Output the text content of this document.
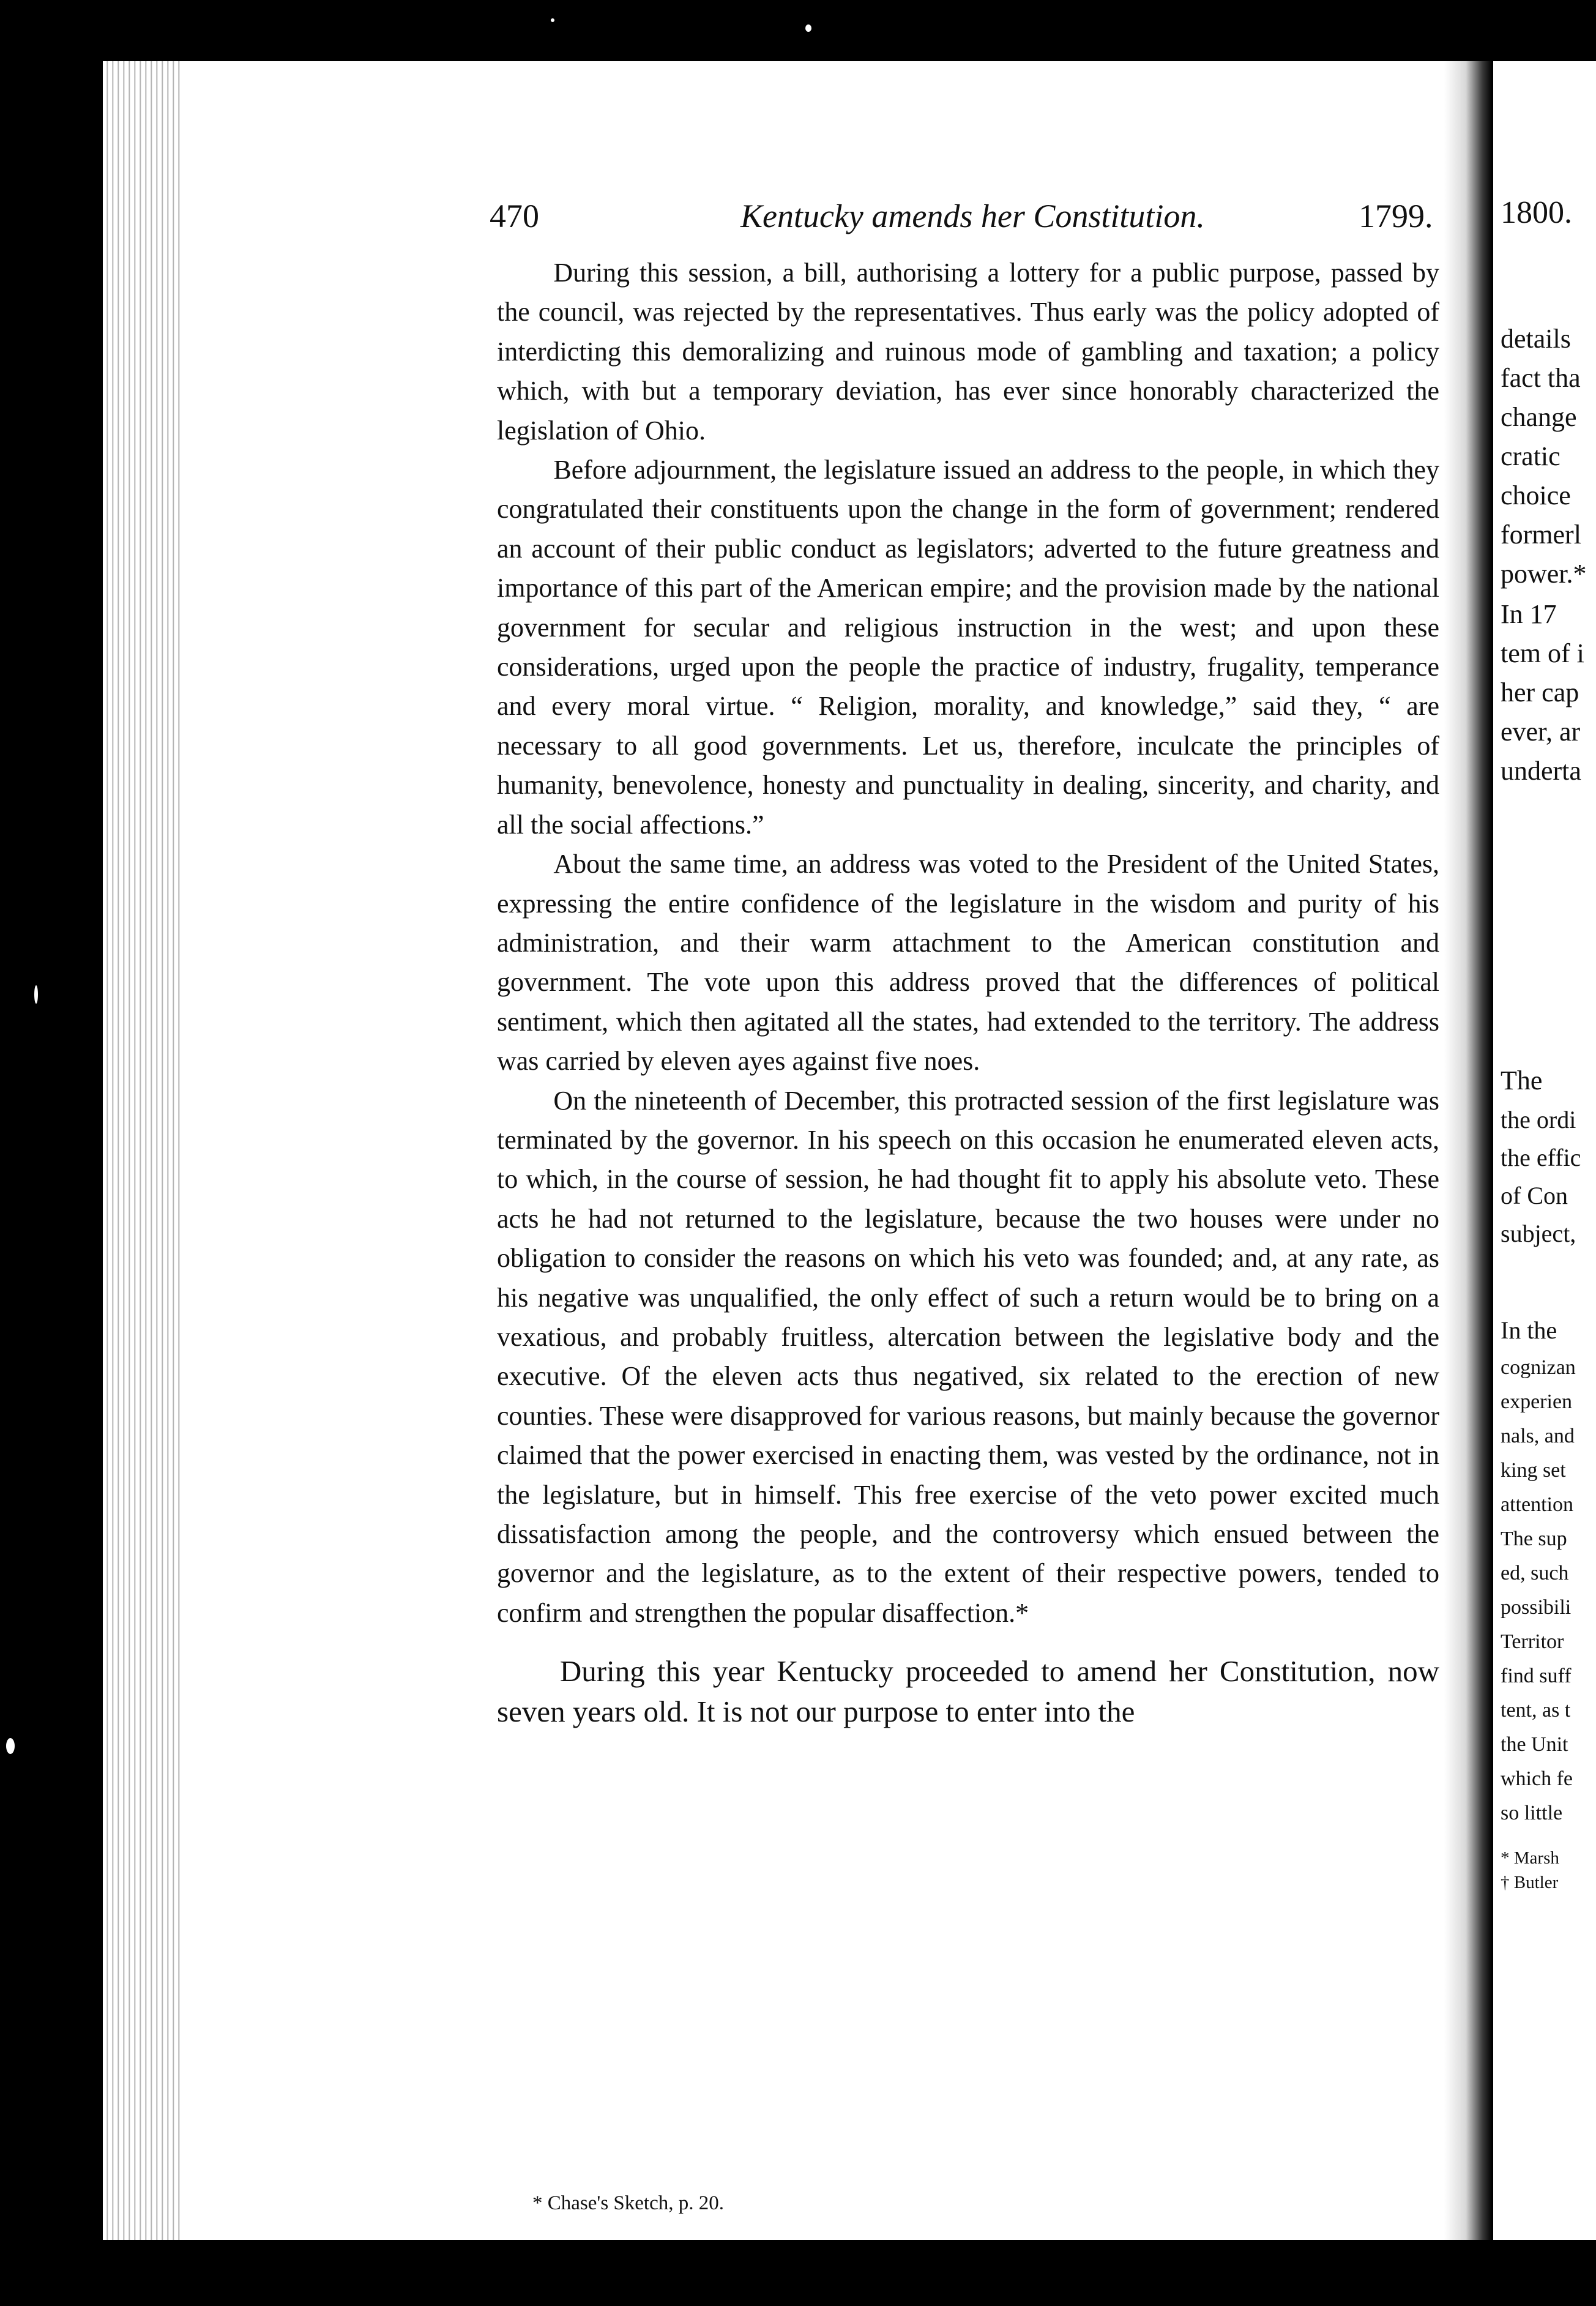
470	Kentucky amends her Constitution.	1799.

During this session, a bill, authorising a lottery for a public purpose, passed by the council, was rejected by the representatives. Thus early was the policy adopted of interdicting this demoralizing and ruinous mode of gambling and taxation; a policy which, with but a temporary deviation, has ever since honorably characterized the legislation of Ohio.

Before adjournment, the legislature issued an address to the people, in which they congratulated their constituents upon the change in the form of government; rendered an account of their public conduct as legislators; adverted to the future greatness and importance of this part of the American empire; and the provision made by the national government for secular and religious instruction in the west; and upon these considerations, urged upon the people the practice of industry, frugality, temperance and every moral virtue. “ Religion, morality, and knowledge,” said they, “ are necessary to all good governments. Let us, therefore, inculcate the principles of humanity, benevolence, honesty and punctuality in dealing, sincerity, and charity, and all the social affections.”

About the same time, an address was voted to the President of the United States, expressing the entire confidence of the legislature in the wisdom and purity of his administration, and their warm attachment to the American constitution and government. The vote upon this address proved that the differences of political sentiment, which then agitated all the states, had extended to the territory. The address was carried by eleven ayes against five noes.

On the nineteenth of December, this protracted session of the first legislature was terminated by the governor. In his speech on this occasion he enumerated eleven acts, to which, in the course of session, he had thought fit to apply his absolute veto. These acts he had not returned to the legislature, because the two houses were under no obligation to consider the reasons on which his veto was founded; and, at any rate, as his negative was unqualified, the only effect of such a return would be to bring on a vexatious, and probably fruitless, altercation between the legislative body and the executive. Of the eleven acts thus negatived, six related to the erection of new counties. These were disapproved for various reasons, but mainly because the governor claimed that the power exercised in enacting them, was vested by the ordinance, not in the legislature, but in himself. This free exercise of the veto power excited much dissatisfaction among the people, and the controversy which ensued between the governor and the legislature, as to the extent of their respective powers, tended to confirm and strengthen the popular disaffection.*

During this year Kentucky proceeded to amend her Constitution, now seven years old. It is not our purpose to enter into the

* Chase's Sketch, p. 20.
1800.
details
fact tha
change
cratic
choice
formerl
power.*
In 17
tem of i
her cap
ever, ar
underta
The
the ordi
the effic
of Con
subject,
In the
cognizan
experien
nals, and
king set
attention
The sup
ed, such
possibili
Territor
find suff
tent, as t
the Unit
which fe
so little
* Marsh
† Butler
